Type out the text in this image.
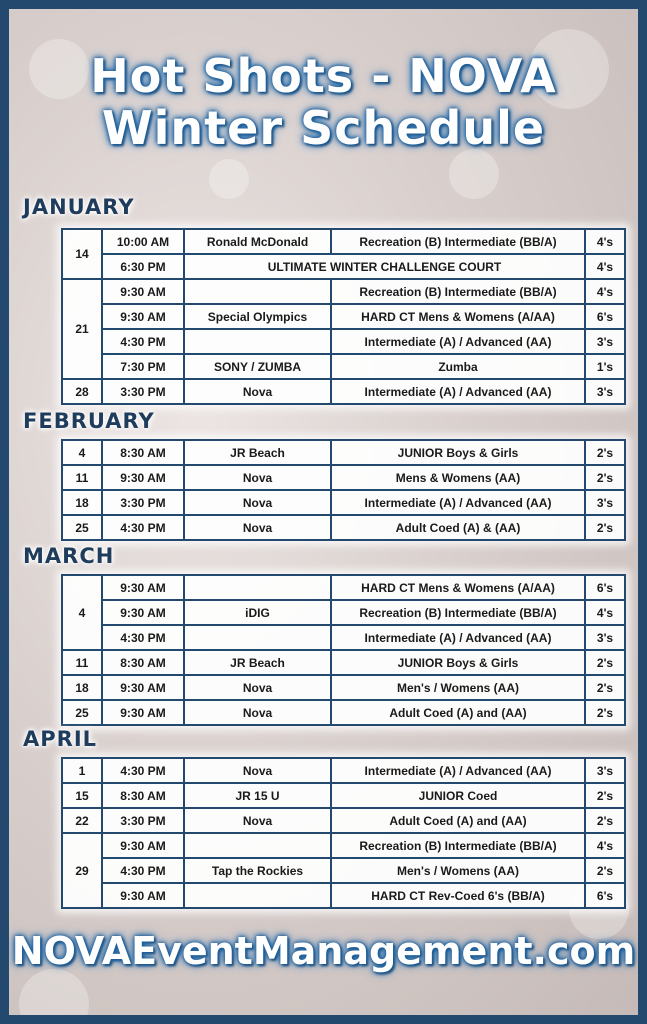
Hot Shots - NOVA
Winter Schedule
JANUARY
14	10:00 AM	Ronald McDonald	Recreation (B) Intermediate (BB/A)	4's
	6:30 PM	ULTIMATE WINTER CHALLENGE COURT		4's
21	9:30 AM		Recreation (B) Intermediate (BB/A)	4's
	9:30 AM	Special Olympics	HARD CT Mens & Womens (A/AA)	6's
	4:30 PM		Intermediate (A) / Advanced (AA)	3's
	7:30 PM	SONY / ZUMBA	Zumba	1's
28	3:30 PM	Nova	Intermediate (A) / Advanced (AA)	3's
FEBRUARY
4	8:30 AM	JR Beach	JUNIOR Boys & Girls	2's
11	9:30 AM	Nova	Mens & Womens (AA)	2's
18	3:30 PM	Nova	Intermediate (A) / Advanced (AA)	3's
25	4:30 PM	Nova	Adult Coed (A) & (AA)	2's
MARCH
4	9:30 AM		HARD CT Mens & Womens (A/AA)	6's
	9:30 AM	iDIG	Recreation (B) Intermediate (BB/A)	4's
	4:30 PM		Intermediate (A) / Advanced (AA)	3's
11	8:30 AM	JR Beach	JUNIOR Boys & Girls	2's
18	9:30 AM	Nova	Men's / Womens (AA)	2's
25	9:30 AM	Nova	Adult Coed (A) and (AA)	2's
APRIL
1	4:30 PM	Nova	Intermediate (A) / Advanced (AA)	3's
15	8:30 AM	JR 15 U	JUNIOR Coed	2's
22	3:30 PM	Nova	Adult Coed (A) and (AA)	2's
29	9:30 AM		Recreation (B) Intermediate (BB/A)	4's
	4:30 PM	Tap the Rockies	Men's / Womens (AA)	2's
	9:30 AM		HARD CT Rev-Coed 6's (BB/A)	6's
NOVAEventManagement.com
